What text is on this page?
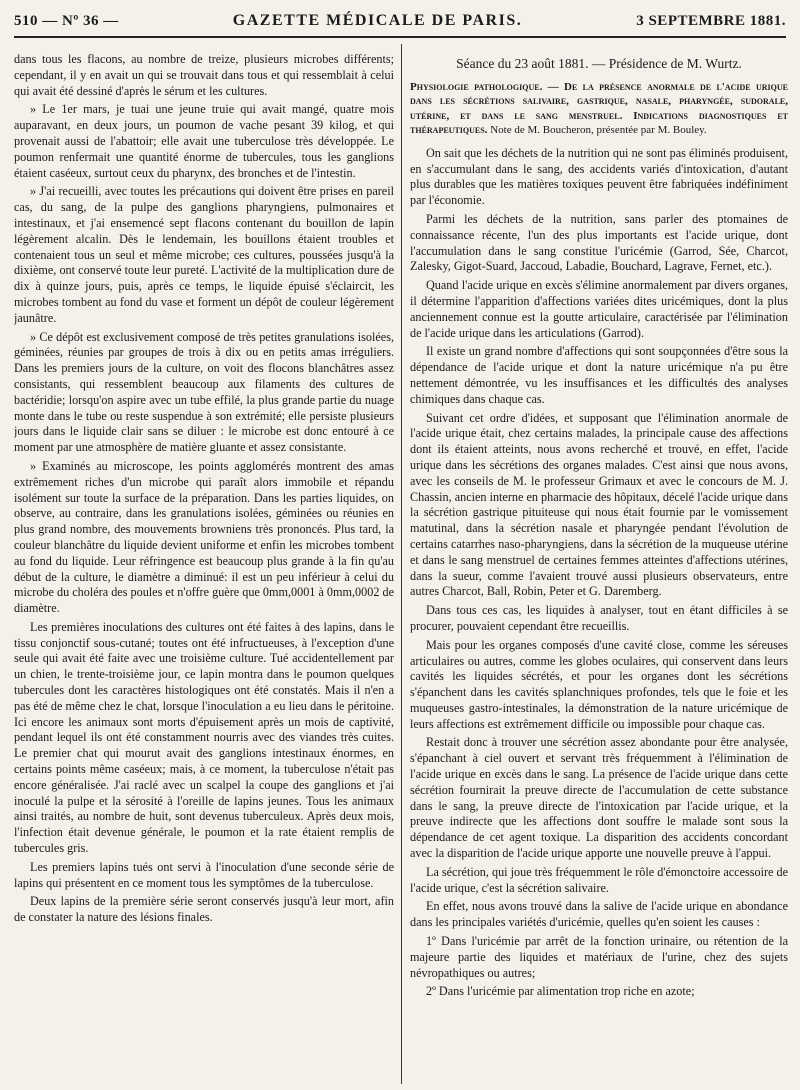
510 — Nº 36 —	GAZETTE MÉDICALE DE PARIS.	3 SEPTEMBRE 1881.

dans tous les flacons, au nombre de treize, plusieurs microbes différents; cependant, il y en avait un qui se trouvait dans tous et qui ressemblait à celui qui avait été dessiné d'après le sérum et les cultures.

» Le 1er mars, je tuai une jeune truie qui avait mangé, quatre mois auparavant, en deux jours, un poumon de vache pesant 39 kilog, et qui provenait aussi de l'abattoir; elle avait une tuberculose très développée. Le poumon renfermait une quantité énorme de tubercules, tous les ganglions étaient caséeux, surtout ceux du pharynx, des bronches et de l'intestin.

» J'ai recueilli, avec toutes les précautions qui doivent être prises en pareil cas, du sang, de la pulpe des ganglions pharyngiens, pulmonaires et intestinaux, et j'ai ensemencé sept flacons contenant du bouillon de lapin légèrement alcalin. Dès le lendemain, les bouillons étaient troubles et contenaient tous un seul et même microbe; ces cultures, poussées jusqu'à la dixième, ont conservé toute leur pureté. L'activité de la multiplication dure de dix à quinze jours, puis, après ce temps, le liquide épuisé s'éclaircit, les microbes tombent au fond du vase et forment un dépôt de couleur légèrement jaunâtre.

» Ce dépôt est exclusivement composé de très petites granulations isolées, géminées, réunies par groupes de trois à dix ou en petits amas irréguliers. Dans les premiers jours de la culture, on voit des flocons blanchâtres assez consistants, qui ressemblent beaucoup aux filaments des cultures de bactéridie; lorsqu'on aspire avec un tube effilé, la plus grande partie du nuage monte dans le tube ou reste suspendue à son extrémité; elle persiste plusieurs jours dans le liquide clair sans se diluer : le microbe est donc entouré à ce moment par une atmosphère de matière gluante et assez consistante.

» Examinés au microscope, les points agglomérés montrent des amas extrêmement riches d'un microbe qui paraît alors immobile et répandu isolément sur toute la surface de la préparation. Dans les parties liquides, on observe, au contraire, dans les granulations isolées, géminées ou réunies en plus grand nombre, des mouvements browniens très prononcés. Plus tard, la couleur blanchâtre du liquide devient uniforme et enfin les microbes tombent au fond du liquide. Leur réfringence est beaucoup plus grande à la fin qu'au début de la culture, le diamètre a diminué: il est un peu inférieur à celui du microbe du choléra des poules et n'offre guère que 0mm,0001 à 0mm,0002 de diamètre.

Les premières inoculations des cultures ont été faites à des lapins, dans le tissu conjonctif sous-cutané; toutes ont été infructueuses, à l'exception d'une seule qui avait été faite avec une troisième culture. Tué accidentellement par un chien, le trente-troisième jour, ce lapin montra dans le poumon quelques tubercules dont les caractères histologiques ont été constatés. Mais il n'en a pas été de même chez le chat, lorsque l'inoculation a eu lieu dans le péritoine. Ici encore les animaux sont morts d'épuisement après un mois de captivité, pendant lequel ils ont été constamment nourris avec des viandes très cuites. Le premier chat qui mourut avait des ganglions intestinaux énormes, en certains points même caséeux; mais, à ce moment, la tuberculose n'était pas encore généralisée. J'ai raclé avec un scalpel la coupe des ganglions et j'ai inoculé la pulpe et la sérosité à l'oreille de lapins jeunes. Tous les animaux ainsi traités, au nombre de huit, sont devenus tuberculeux. Après deux mois, l'infection était devenue générale, le poumon et la rate étaient remplis de tubercules gris.

Les premiers lapins tués ont servi à l'inoculation d'une seconde série de lapins qui présentent en ce moment tous les symptômes de la tuberculose.

Deux lapins de la première série seront conservés jusqu'à leur mort, afin de constater la nature des lésions finales.

Séance du 23 août 1881. — Présidence de M. Wurtz.
Physiologie pathologique. — De la présence anormale de l'acide urique dans les sécrétions salivaire, gastrique, nasale, pharyngée, sudorale, utérine, et dans le sang menstruel. Indications diagnostiques et thérapeutiques. Note de M. Boucheron, présentée par M. Bouley.

On sait que les déchets de la nutrition qui ne sont pas éliminés produisent, en s'accumulant dans le sang, des accidents variés d'intoxication, d'autant plus durables que les matières toxiques peuvent être fabriquées indéfiniment par l'économie.

Parmi les déchets de la nutrition, sans parler des ptomaines de connaissance récente, l'un des plus importants est l'acide urique, dont l'accumulation dans le sang constitue l'uricémie (Garrod, Sée, Charcot, Zalesky, Gigot-Suard, Jaccoud, Labadie, Bouchard, Lagrave, Fernet, etc.).

Quand l'acide urique en excès s'élimine anormalement par divers organes, il détermine l'apparition d'affections variées dites uricémiques, dont la plus anciennement connue est la goutte articulaire, caractérisée par l'élimination de l'acide urique dans les articulations (Garrod).

Il existe un grand nombre d'affections qui sont soupçonnées d'être sous la dépendance de l'acide urique et dont la nature uricémique n'a pu être nettement démontrée, vu les insuffisances et les difficultés des analyses chimiques dans chaque cas.

Suivant cet ordre d'idées, et supposant que l'élimination anormale de l'acide urique était, chez certains malades, la principale cause des affections dont ils étaient atteints, nous avons recherché et trouvé, en effet, l'acide urique dans les sécrétions des organes malades. C'est ainsi que nous avons, avec les conseils de M. le professeur Grimaux et avec le concours de M. J. Chassin, ancien interne en pharmacie des hôpitaux, décelé l'acide urique dans la sécrétion gastrique pituiteuse qui nous était fournie par le vomissement matutinal, dans la sécrétion nasale et pharyngée pendant l'évolution de certains catarrhes naso-pharyngiens, dans la sécrétion de la muqueuse utérine et dans le sang menstruel de certaines femmes atteintes d'affections utérines, dans la sueur, comme l'avaient trouvé aussi plusieurs observateurs, entre autres Charcot, Ball, Robin, Peter et G. Daremberg.

Dans tous ces cas, les liquides à analyser, tout en étant difficiles à se procurer, pouvaient cependant être recueillis.

Mais pour les organes composés d'une cavité close, comme les séreuses articulaires ou autres, comme les globes oculaires, qui conservent dans leurs cavités les liquides sécrétés, et pour les organes dont les sécrétions s'épanchent dans les cavités splanchniques profondes, tels que le foie et les muqueuses gastro-intestinales, la démonstration de la nature uricémique de leurs affections est extrêmement difficile ou impossible pour chaque cas.

Restait donc à trouver une sécrétion assez abondante pour être analysée, s'épanchant à ciel ouvert et servant très fréquemment à l'élimination de l'acide urique en excès dans le sang. La présence de l'acide urique dans cette sécrétion fournirait la preuve directe de l'accumulation de cette substance dans le sang, la preuve directe de l'intoxication par l'acide urique, et la preuve indirecte que les affections dont souffre le malade sont sous la dépendance de cet agent toxique. La disparition des accidents concordant avec la disparition de l'acide urique apporte une nouvelle preuve à l'appui.

La sécrétion, qui joue très fréquemment le rôle d'émonctoire accessoire de l'acide urique, c'est la sécrétion salivaire.

En effet, nous avons trouvé dans la salive de l'acide urique en abondance dans les principales variétés d'uricémie, quelles qu'en soient les causes :

1º Dans l'uricémie par arrêt de la fonction urinaire, ou rétention de la majeure partie des liquides et matériaux de l'urine, chez des sujets névropathiques ou autres;

2º Dans l'uricémie par alimentation trop riche en azote;
